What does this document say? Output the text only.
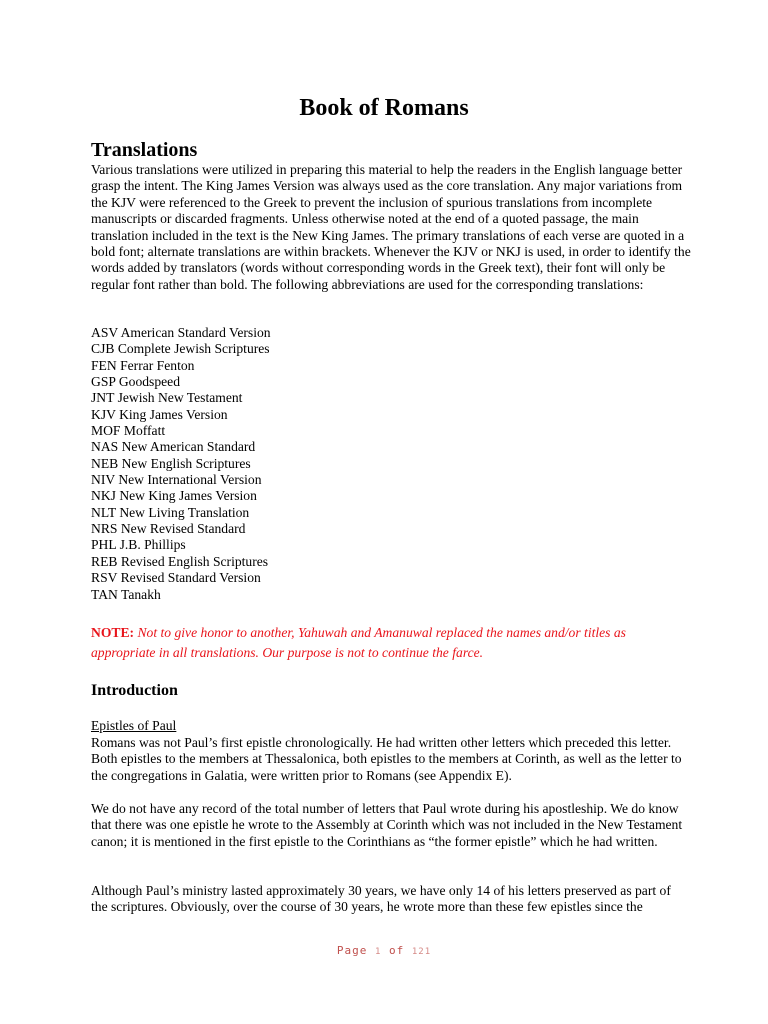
Book of Romans
Translations
Various translations were utilized in preparing this material to help the readers in the English language better grasp the intent. The King James Version was always used as the core translation. Any major variations from the KJV were referenced to the Greek to prevent the inclusion of spurious translations from incomplete manuscripts or discarded fragments. Unless otherwise noted at the end of a quoted passage, the main translation included in the text is the New King James. The primary translations of each verse are quoted in a bold font; alternate translations are within brackets. Whenever the KJV or NKJ is used, in order to identify the words added by translators (words without corresponding words in the Greek text), their font will only be regular font rather than bold. The following abbreviations are used for the corresponding translations:
ASV American Standard Version
CJB Complete Jewish Scriptures
FEN Ferrar Fenton
GSP Goodspeed
JNT Jewish New Testament
KJV King James Version
MOF Moffatt
NAS New American Standard
NEB New English Scriptures
NIV New International Version
NKJ New King James Version
NLT New Living Translation
NRS New Revised Standard
PHL J.B. Phillips
REB Revised English Scriptures
RSV Revised Standard Version
TAN Tanakh
NOTE: Not to give honor to another, Yahuwah and Amanuwal replaced the names and/or titles as appropriate in all translations. Our purpose is not to continue the farce.
Introduction
Epistles of Paul
Romans was not Paul’s first epistle chronologically. He had written other letters which preceded this letter. Both epistles to the members at Thessalonica, both epistles to the members at Corinth, as well as the letter to the congregations in Galatia, were written prior to Romans (see Appendix E).
We do not have any record of the total number of letters that Paul wrote during his apostleship. We do know that there was one epistle he wrote to the Assembly at Corinth which was not included in the New Testament canon; it is mentioned in the first epistle to the Corinthians as “the former epistle” which he had written.
Although Paul’s ministry lasted approximately 30 years, we have only 14 of his letters preserved as part of the scriptures. Obviously, over the course of 30 years, he wrote more than these few epistles since the
Page 1 of 121
